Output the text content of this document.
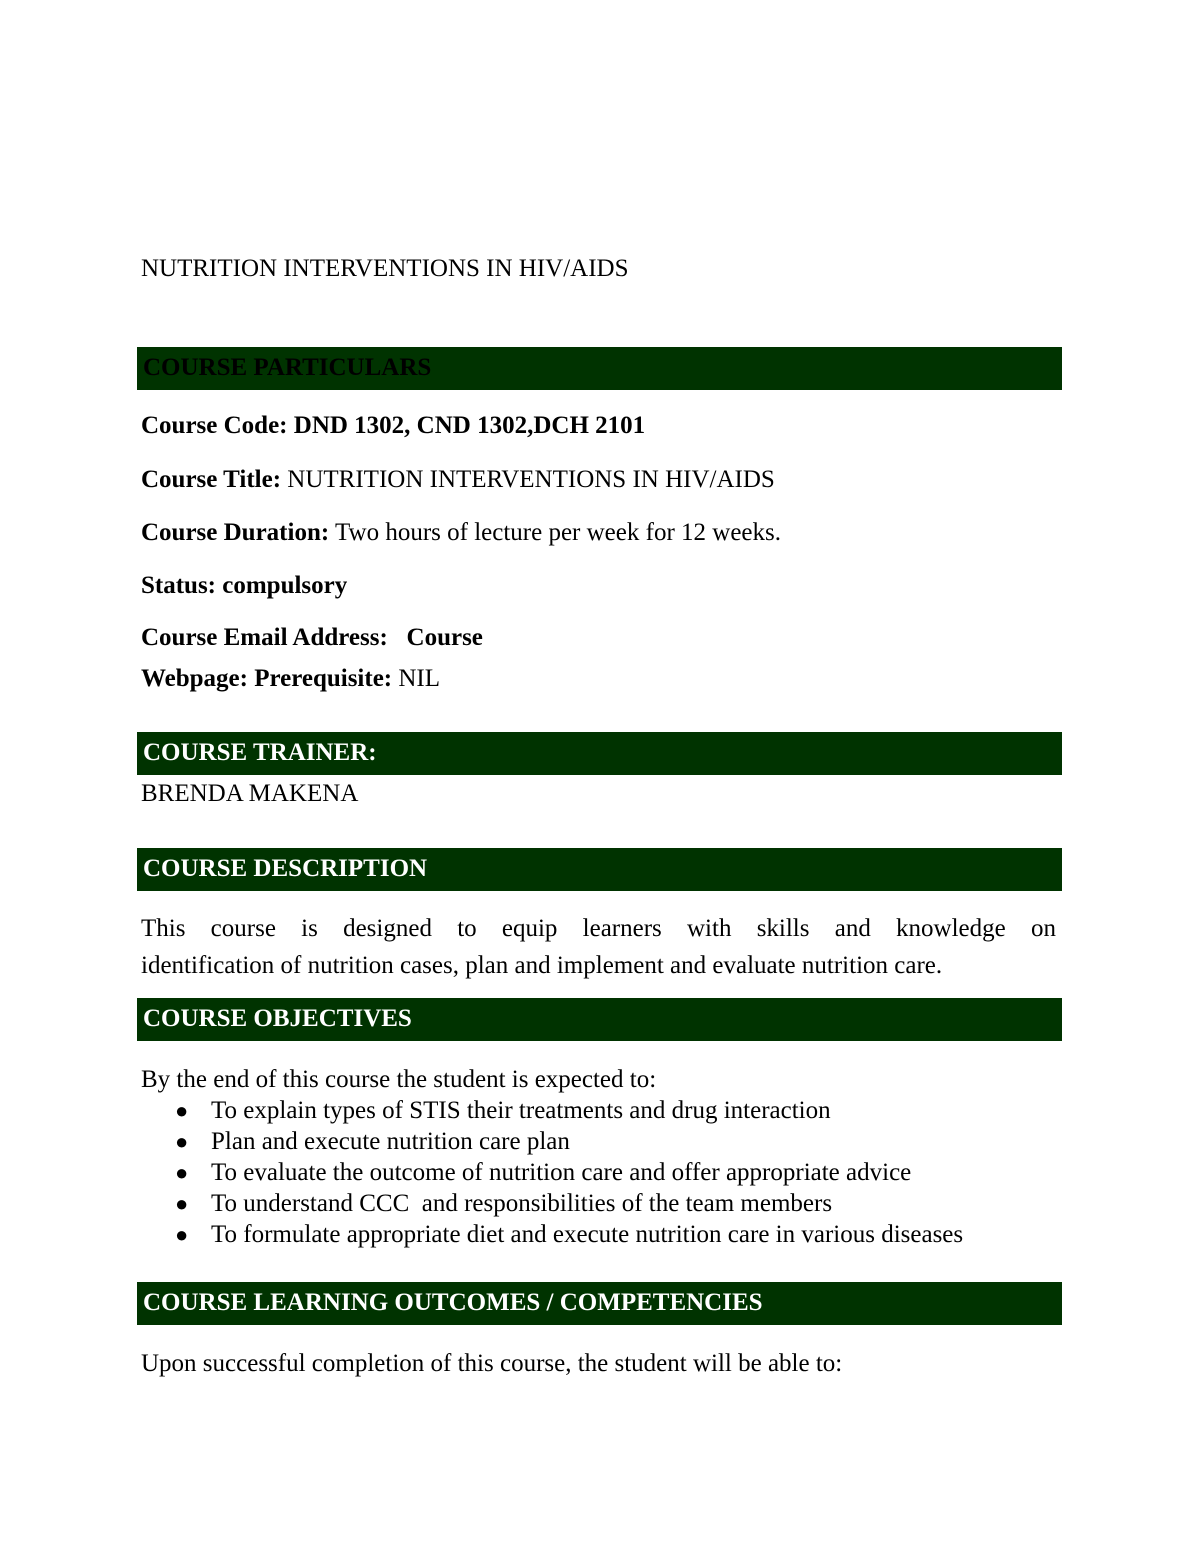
NUTRITION INTERVENTIONS IN HIV/AIDS
COURSE PARTICULARS
Course Code: DND 1302, CND 1302,DCH 2101
Course Title: NUTRITION INTERVENTIONS IN HIV/AIDS
Course Duration: Two hours of lecture per week for 12 weeks.
Status: compulsory
Course Email Address:   Course
Webpage: Prerequisite: NIL
COURSE TRAINER:
BRENDA MAKENA
COURSE DESCRIPTION
This course is designed to equip learners with skills and knowledge on
identification of nutrition cases, plan and implement and evaluate nutrition care.
COURSE OBJECTIVES
By the end of this course the student is expected to:
● To explain types of STIS their treatments and drug interaction
● Plan and execute nutrition care plan
● To evaluate the outcome of nutrition care and offer appropriate advice
● To understand CCC  and responsibilities of the team members
● To formulate appropriate diet and execute nutrition care in various diseases
COURSE LEARNING OUTCOMES / COMPETENCIES
Upon successful completion of this course, the student will be able to:
